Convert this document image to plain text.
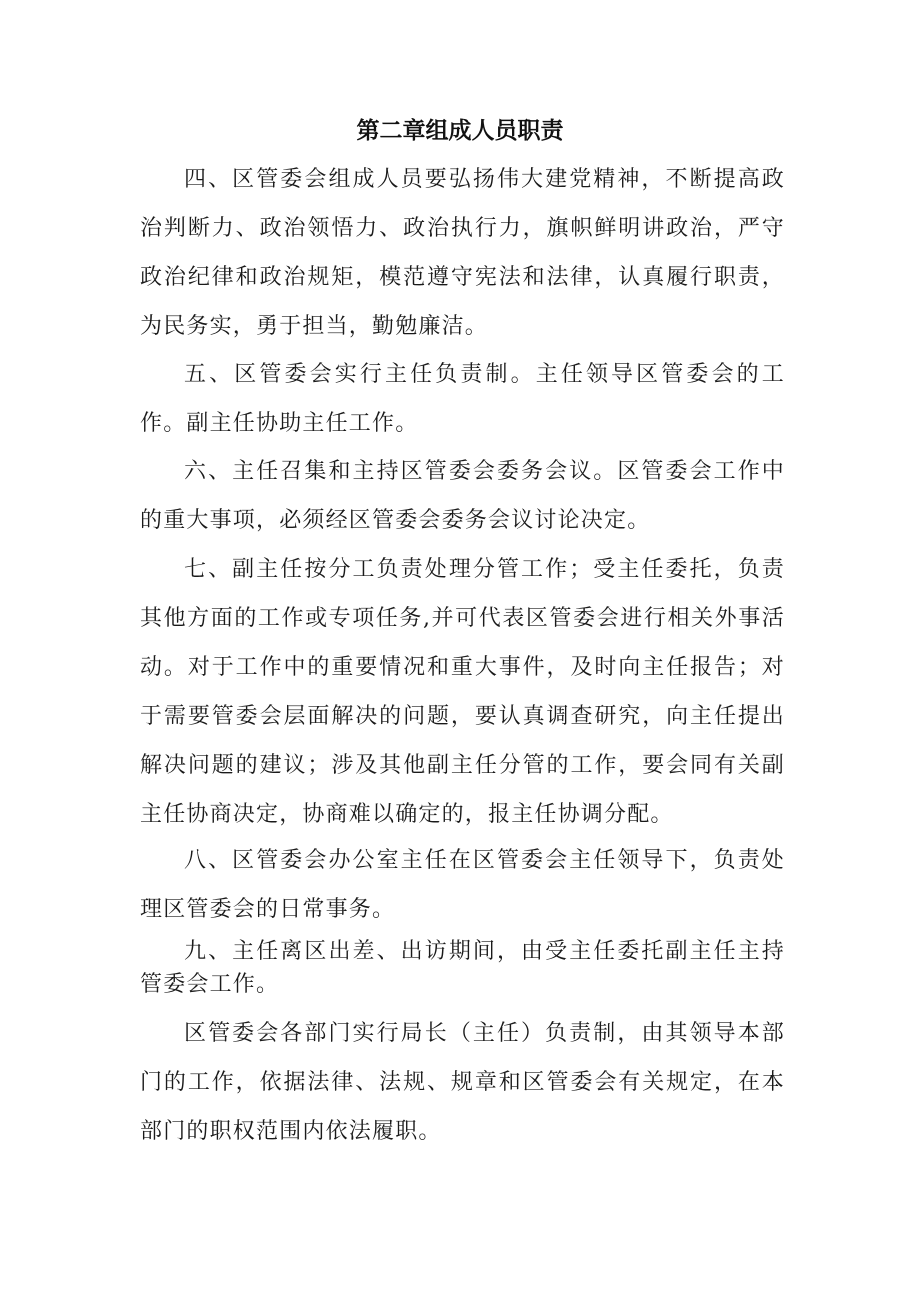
第二章组成人员职责

四、区管委会组成人员要弘扬伟大建党精神，不断提高政治判断力、政治领悟力、政治执行力，旗帜鲜明讲政治，严守政治纪律和政治规矩，模范遵守宪法和法律，认真履行职责，为民务实，勇于担当，勤勉廉洁。

五、区管委会实行主任负责制。主任领导区管委会的工作。副主任协助主任工作。

六、主任召集和主持区管委会委务会议。区管委会工作中的重大事项，必须经区管委会委务会议讨论决定。

七、副主任按分工负责处理分管工作；受主任委托，负责其他方面的工作或专项任务,并可代表区管委会进行相关外事活动。对于工作中的重要情况和重大事件，及时向主任报告；对于需要管委会层面解决的问题，要认真调查研究，向主任提出解决问题的建议；涉及其他副主任分管的工作，要会同有关副主任协商决定，协商难以确定的，报主任协调分配。

八、区管委会办公室主任在区管委会主任领导下，负责处理区管委会的日常事务。

九、主任离区出差、出访期间，由受主任委托副主任主持管委会工作。

区管委会各部门实行局长（主任）负责制，由其领导本部门的工作，依据法律、法规、规章和区管委会有关规定，在本部门的职权范围内依法履职。
